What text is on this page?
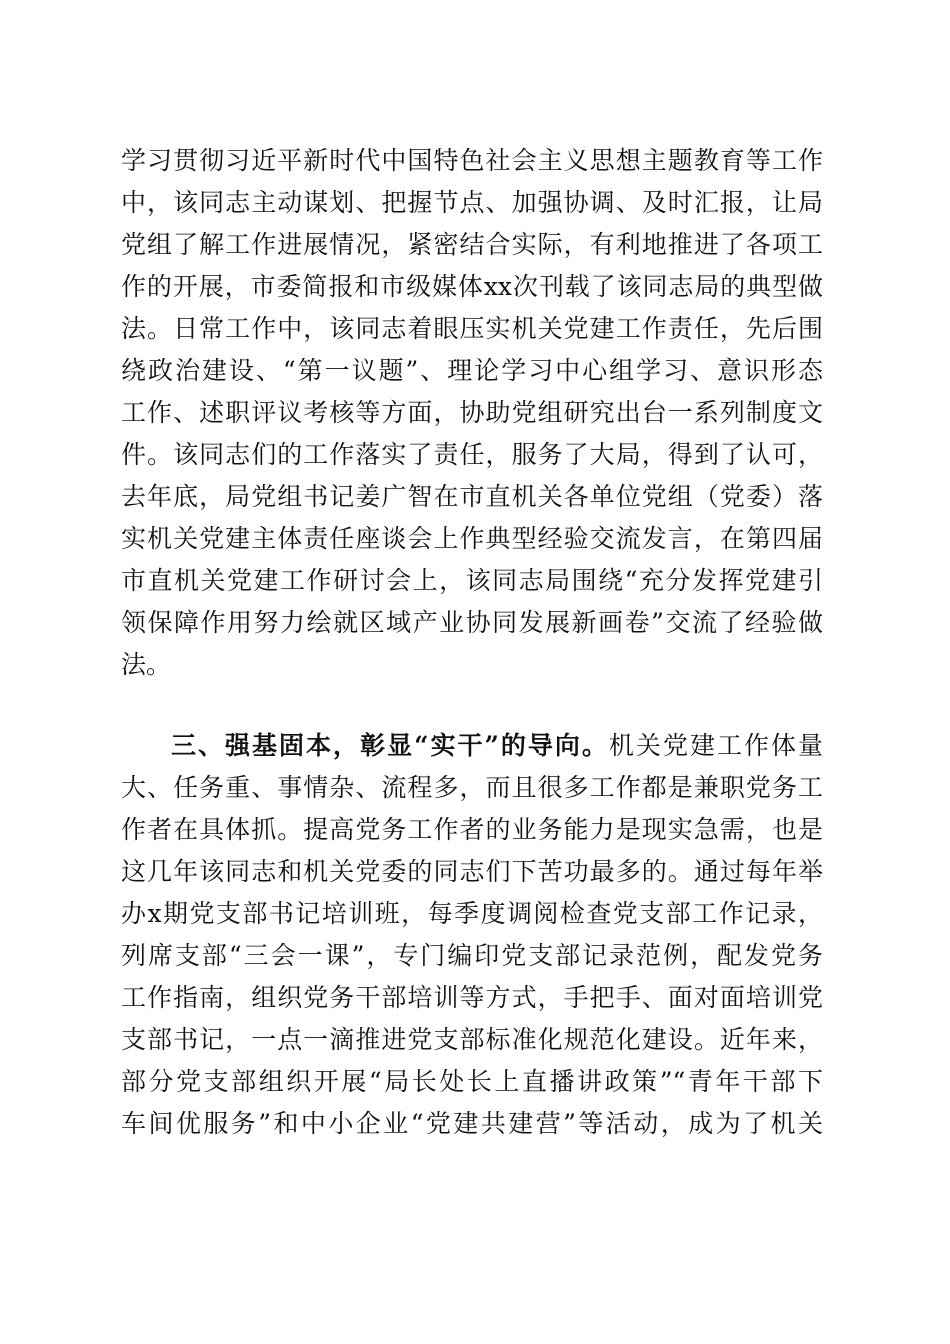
学习贯彻习近平新时代中国特色社会主义思想主题教育等工作
中，该同志主动谋划、把握节点、加强协调、及时汇报，让局
党组了解工作进展情况，紧密结合实际，有利地推进了各项工
作的开展，市委简报和市级媒体xx次刊载了该同志局的典型做
法。日常工作中，该同志着眼压实机关党建工作责任，先后围
绕政治建设、“第一议题”、理论学习中心组学习、意识形态
工作、述职评议考核等方面，协助党组研究出台一系列制度文
件。该同志们的工作落实了责任，服务了大局，得到了认可，
去年底，局党组书记姜广智在市直机关各单位党组（党委）落
实机关党建主体责任座谈会上作典型经验交流发言，在第四届
市直机关党建工作研讨会上，该同志局围绕“充分发挥党建引
领保障作用努力绘就区域产业协同发展新画卷”交流了经验做
法。
三、强基固本，彰显“实干”的导向。机关党建工作体量
大、任务重、事情杂、流程多，而且很多工作都是兼职党务工
作者在具体抓。提高党务工作者的业务能力是现实急需，也是
这几年该同志和机关党委的同志们下苦功最多的。通过每年举
办x期党支部书记培训班，每季度调阅检查党支部工作记录，
列席支部“三会一课”，专门编印党支部记录范例，配发党务
工作指南，组织党务干部培训等方式，手把手、面对面培训党
支部书记，一点一滴推进党支部标准化规范化建设。近年来，
部分党支部组织开展“局长处长上直播讲政策”“青年干部下
车间优服务”和中小企业“党建共建营”等活动，成为了机关
